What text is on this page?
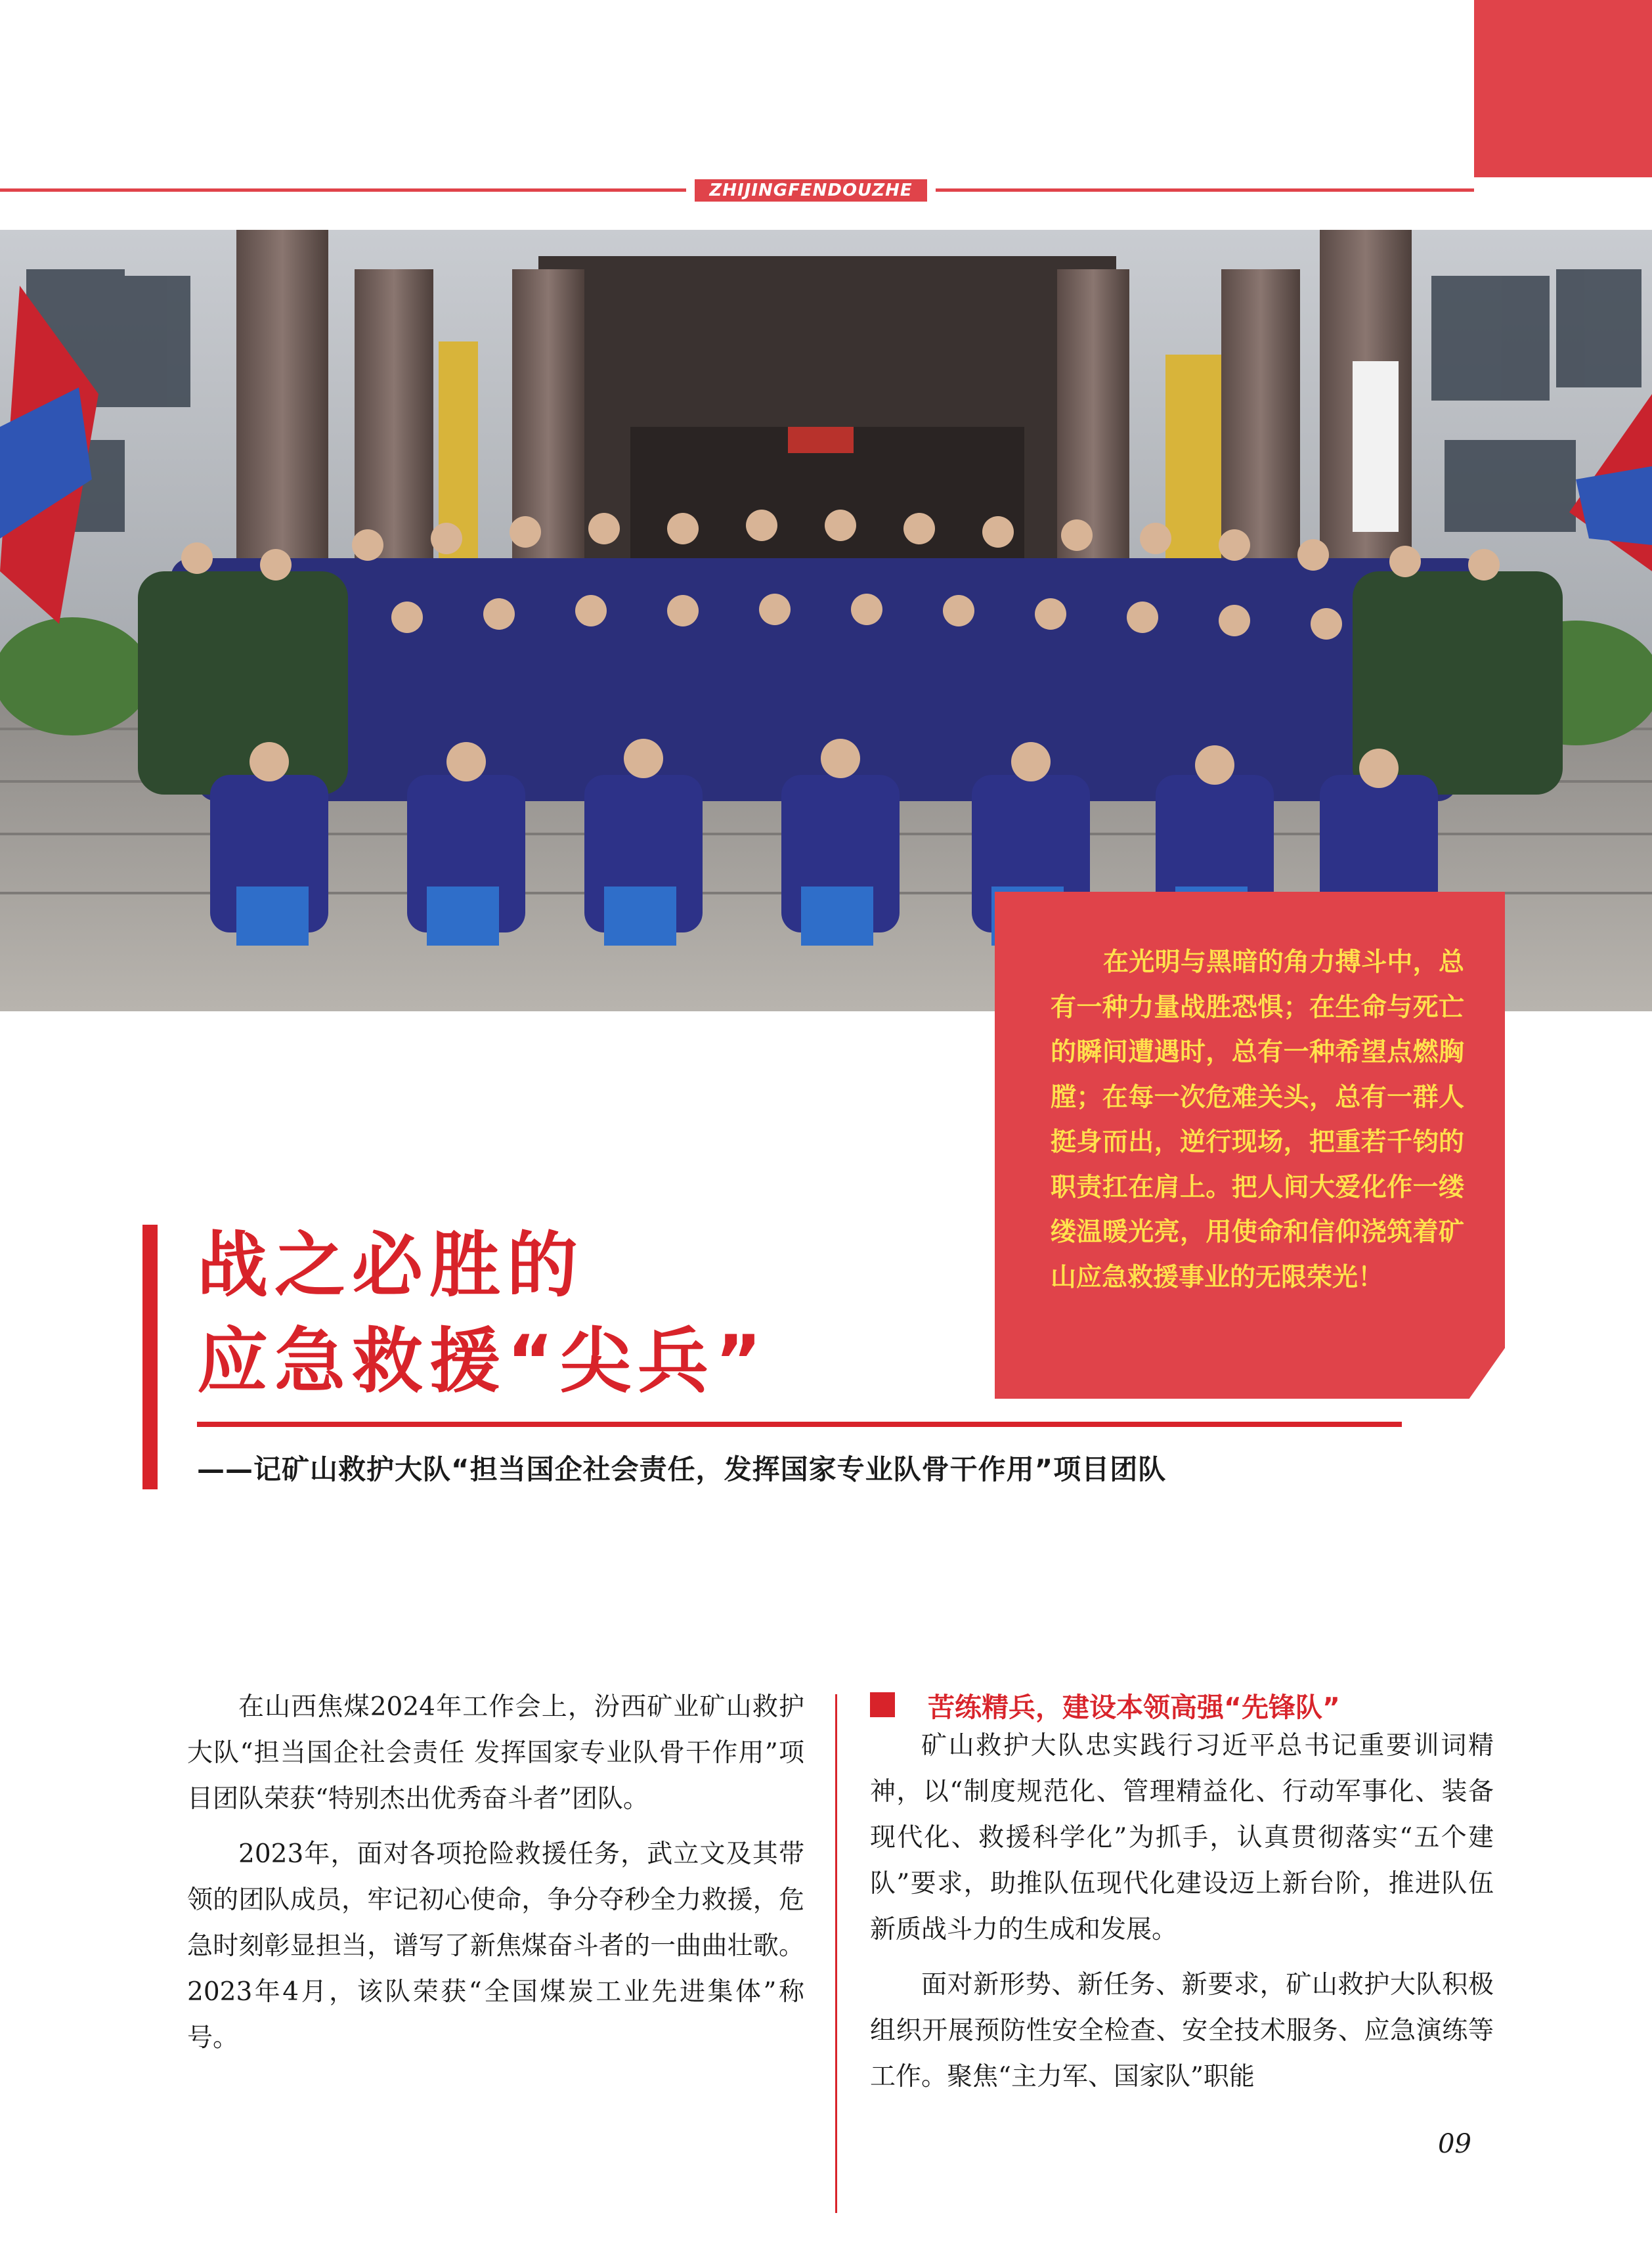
ZHIJINGFENDOUZHE

在光明与黑暗的角力搏斗中，总有一种力量战胜恐惧；在生命与死亡的瞬间遭遇时，总有一种希望点燃胸膛；在每一次危难关头，总有一群人挺身而出，逆行现场，把重若千钧的职责扛在肩上。把人间大爱化作一缕缕温暖光亮，用使命和信仰浇筑着矿山应急救援事业的无限荣光！

战之必胜的
应急救援“尖兵”

——记矿山救护大队“担当国企社会责任，发挥国家专业队骨干作用”项目团队

在山西焦煤2024年工作会上，汾西矿业矿山救护大队“担当国企社会责任 发挥国家专业队骨干作用”项目团队荣获“特别杰出优秀奋斗者”团队。

2023年，面对各项抢险救援任务，武立文及其带领的团队成员，牢记初心使命，争分夺秒全力救援，危急时刻彰显担当，谱写了新焦煤奋斗者的一曲曲壮歌。2023年4月，该队荣获“全国煤炭工业先进集体”称号。

苦练精兵，建设本领高强“先锋队”

矿山救护大队忠实践行习近平总书记重要训词精神，以“制度规范化、管理精益化、行动军事化、装备现代化、救援科学化”为抓手，认真贯彻落实“五个建队”要求，助推队伍现代化建设迈上新台阶，推进队伍新质战斗力的生成和发展。

面对新形势、新任务、新要求，矿山救护大队积极组织开展预防性安全检查、安全技术服务、应急演练等工作。聚焦“主力军、国家队”职能

09
